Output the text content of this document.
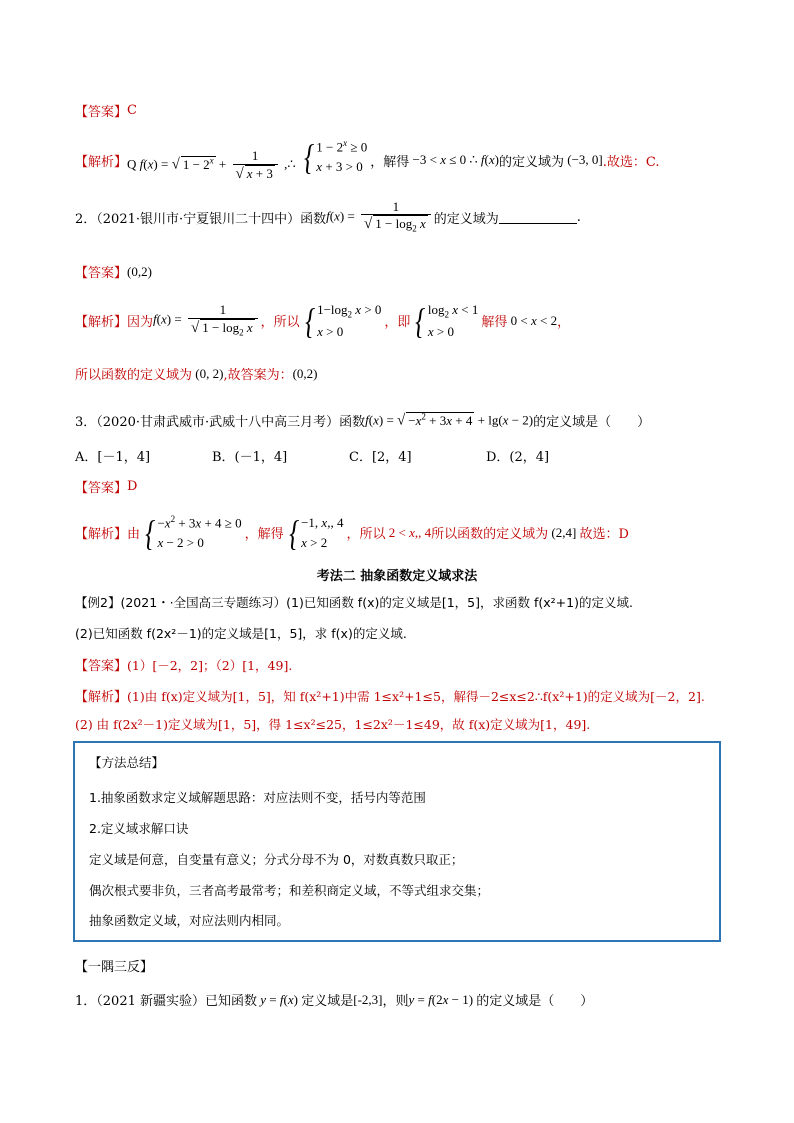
【答案】 C
【解析】 Q f(x) = √ $1 - 2^x + \frac{1}{√ x + 3}$ ,∴ { $1 - 2^x \ge 0$
x + 3 > 0 ，解得 −3 < x ≤ 0 ∴ f(x) 的定义域为 (−3, 0] .故选：C.
2．（2021·银川市·宁夏银川二十四中）函数 $f(x) = \frac{1}{√ 1 - \log_2 x}$ 的定义域为	.
【答案】 (0,2)
【解析】 因为 $f(x) = \frac{1}{√ 1 - \log_2 x}$ ，所以 { $1-\log_2$ x > 0
x > 0
，即 { $\log_2 x < 1$
x > 0
解得 0 < x < 2 ，
所以函数的定义域为 (0, 2) ,故答案为： (0,2)
3．（2020·甘肃武威市·武威十八中高三月考）函数 f(x) = √ $-x^2 + 3x + 4 + \lg(x - 2)$ 的定义域是（　　）
A．[－1，4]	B．(－1，4]	C．[2，4]	D．(2，4]
【答案】 D
【解析】 由 { $-x^2 + 3x + 4 \ge 0$
x − 2 > 0
，解得 { −1, x,, 4
x > 2	，所以 2 < x,, 4 所以函数的定义域为 (2,4] 故选：D
考法二 抽象函数定义域求法
【例2】(2021・·全国高三专题练习）(1)已知函数 f(x)的定义域是[1，5]，求函数 f(x²+1)的定义域.
(2)已知函数 f(2x²－1)的定义域是[1，5]，求 f(x)的定义域.
【答案】 (1）[－2，2]；（2）[1，49].
【解析】 (1)由 f(x)定义域为[1，5]，知 f(x²+1)中需 1≤x²+1≤5，解得－2≤x≤2∴f(x²+1)的定义域为[－2，2].
(2) 由 f(2x²－1)定义域为[1，5]，得 1≤x²≤25，1≤2x²－1≤49，故 f(x)定义域为[1，49].
【方法总结】
1.抽象函数求定义域解题思路：对应法则不变，括号内等范围
2.定义域求解口诀
定义域是何意，自变量有意义；分式分母不为 0，对数真数只取正；
偶次根式要非负，三者高考最常考；和差积商定义域，不等式组求交集；
抽象函数定义域，对应法则内相同。
【一隅三反】
1．（2021 新疆实验）已知函数 y = f(x) 定义域是 [-2,3] ，则 y = f(2x − 1) 的定义域是（　　）
